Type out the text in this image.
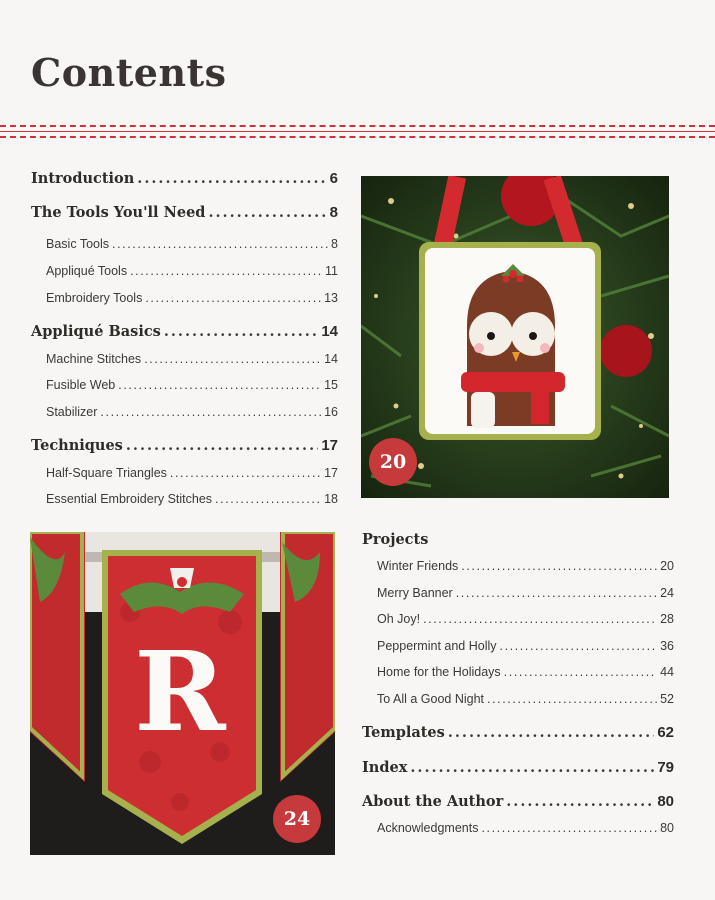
Contents
Introduction .....	6
The Tools You'll Need .....	8
Basic Tools .....	8
Appliqué Tools .....	11
Embroidery Tools .....	13
Appliqué Basics .....	14
Machine Stitches .....	14
Fusible Web .....	15
Stabilizer .....	16
Techniques .....	17
Half-Square Triangles .....	17
Essential Embroidery Stitches .....	18
Projects
Winter Friends .....	20
Merry Banner .....	24
Oh Joy! .....	28
Peppermint and Holly .....	36
Home for the Holidays .....	44
To All a Good Night .....	52
Templates .....	62
Index .....	79
About the Author .....	80
Acknowledgments .....	80
20
R
24
